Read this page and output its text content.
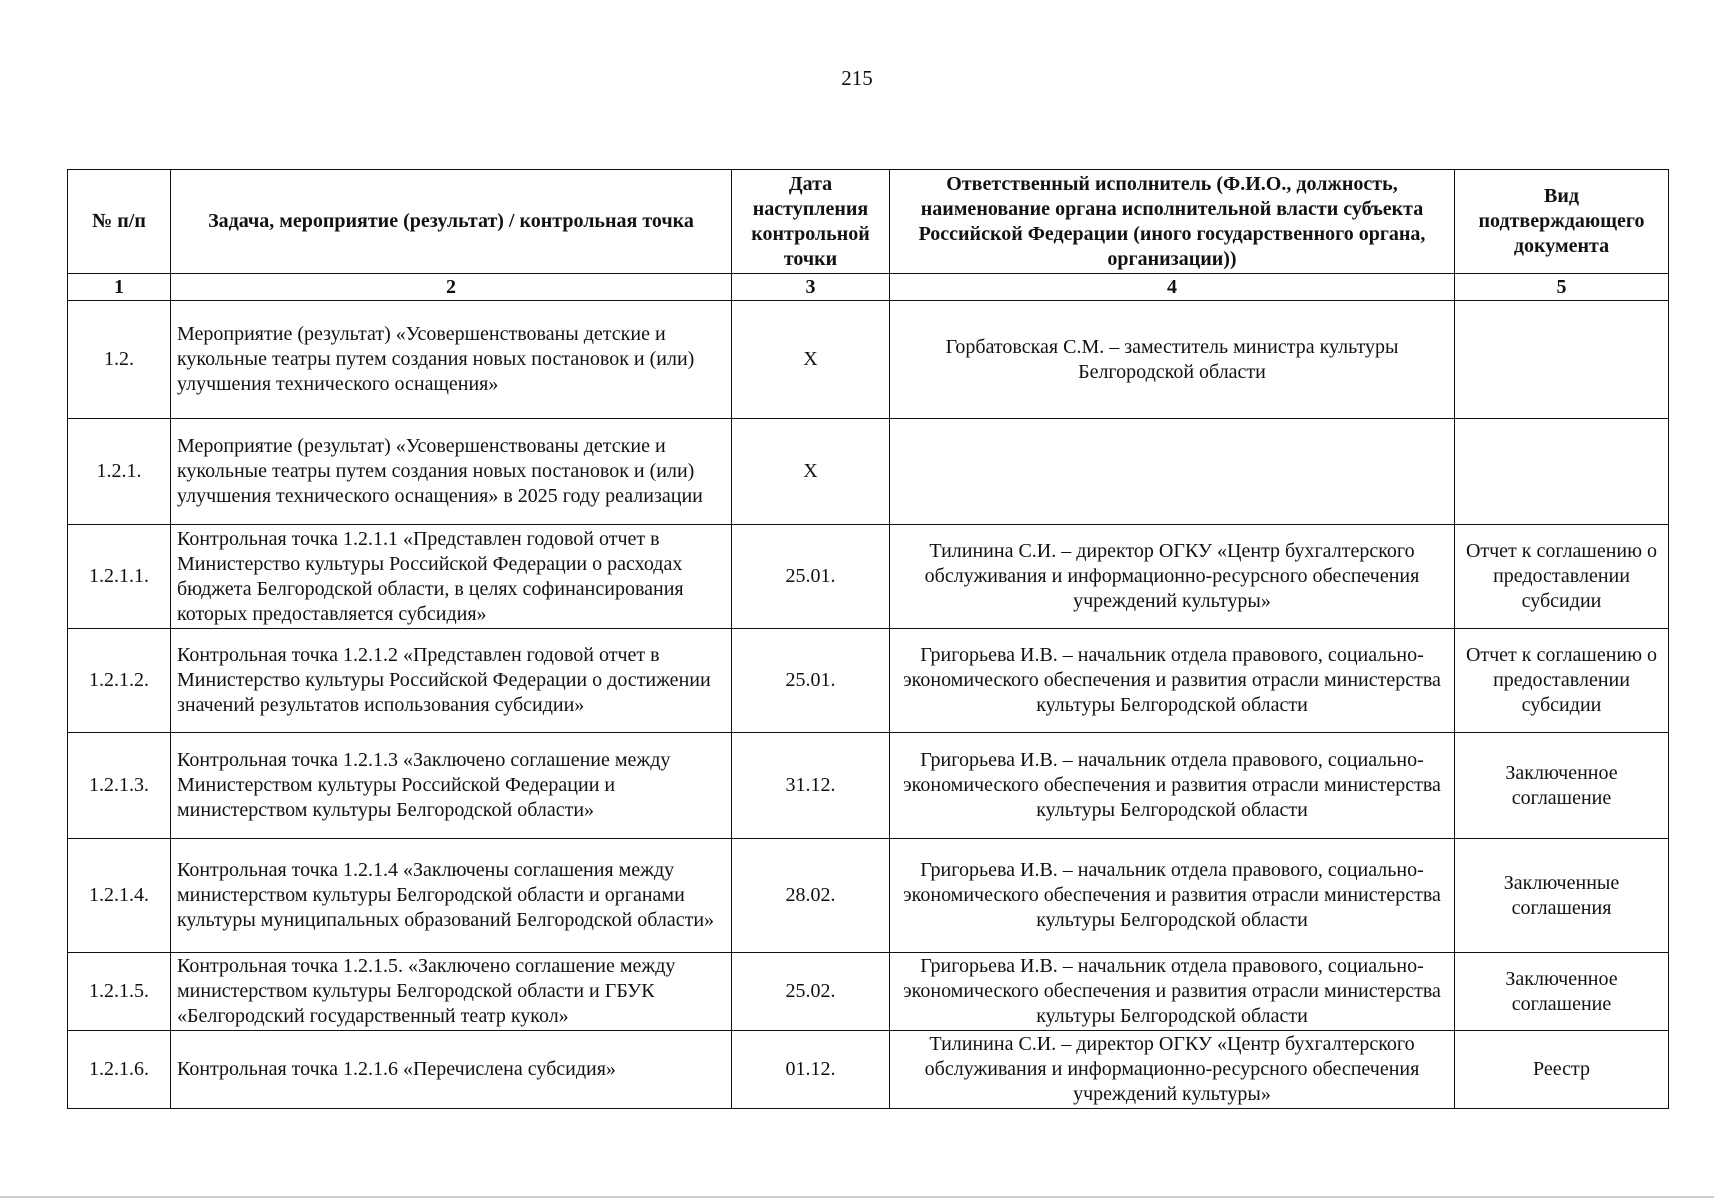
215
№ п/п	Задача, мероприятие (результат) / контрольная точка	Дата наступления контрольной точки	Ответственный исполнитель (Ф.И.О., должность, наименование органа исполнительной власти субъекта Российской Федерации (иного государственного органа, организации))	Вид подтверждающего документа
1	2	3	4	5
1.2.	Мероприятие (результат) «Усовершенствованы детские и кукольные театры путем создания новых постановок и (или) улучшения технического оснащения»	X	Горбатовская С.М. – заместитель министра культуры Белгородской области	
1.2.1.	Мероприятие (результат) «Усовершенствованы детские и кукольные театры путем создания новых постановок и (или) улучшения технического оснащения» в 2025 году реализации	X		
1.2.1.1.	Контрольная точка 1.2.1.1 «Представлен годовой отчет в Министерство культуры Российской Федерации о расходах бюджета Белгородской области, в целях софинансирования которых предоставляется субсидия»	25.01.	Тилинина С.И. – директор ОГКУ «Центр бухгалтерского обслуживания и информационно-ресурсного обеспечения учреждений культуры»	Отчет к соглашению о предоставлении субсидии
1.2.1.2.	Контрольная точка 1.2.1.2 «Представлен годовой отчет в Министерство культуры Российской Федерации о достижении значений результатов использования субсидии»	25.01.	Григорьева И.В. – начальник отдела правового, социально-экономического обеспечения и развития отрасли министерства культуры Белгородской области	Отчет к соглашению о предоставлении субсидии
1.2.1.3.	Контрольная точка 1.2.1.3 «Заключено соглашение между Министерством культуры Российской Федерации и министерством культуры Белгородской области»	31.12.	Григорьева И.В. – начальник отдела правового, социально-экономического обеспечения и развития отрасли министерства культуры Белгородской области	Заключенное соглашение
1.2.1.4.	Контрольная точка 1.2.1.4 «Заключены соглашения между министерством культуры Белгородской области и органами культуры муниципальных образований Белгородской области»	28.02.	Григорьева И.В. – начальник отдела правового, социально-экономического обеспечения и развития отрасли министерства культуры Белгородской области	Заключенные соглашения
1.2.1.5.	Контрольная точка 1.2.1.5. «Заключено соглашение между министерством культуры Белгородской области и ГБУК «Белгородский государственный театр кукол»	25.02.	Григорьева И.В. – начальник отдела правового, социально-экономического обеспечения и развития отрасли министерства культуры Белгородской области	Заключенное соглашение
1.2.1.6.	Контрольная точка 1.2.1.6 «Перечислена субсидия»	01.12.	Тилинина С.И. – директор ОГКУ «Центр бухгалтерского обслуживания и информационно-ресурсного обеспечения учреждений культуры»	Реестр
